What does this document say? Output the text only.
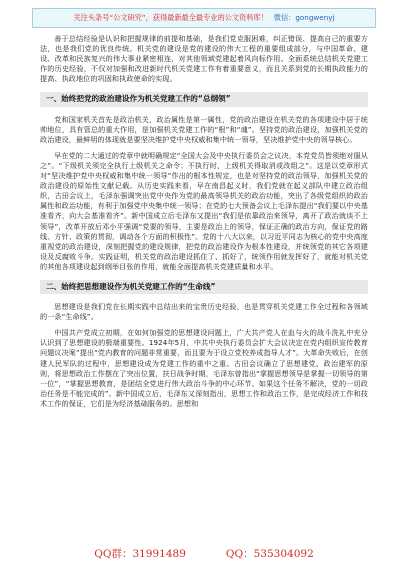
关注头条号“公文研究”，获得最新最全最专业的公文资料库！ 微信：gongwenyj

善于总结经验是认识和把握规律的前提和基础，是我们党克服困难，纠正错误、提高自己的重要方法，也是我们党的优良传统。机关党的建设是党的建设的伟大工程的重要组成部分，与中国革命、建设、改革和民族复兴的伟大事业紧密相连，对其他领域党建起着风向标作用。全面系统总结机关党建工作的历史经验，不仅对加强和改进新时代机关党建工作有着重要意义，而且关系到党的长期执政能力的提高、执政地位的巩固和执政使命的实现。

一、始终把党的政治建设作为机关党建工作的“总纲领”

党和国家机关首先是政治机关，政治属性是第一属性，党的政治建设在机关党的各项建设中居于统帅地位，具有管总的重大作用，是加强机关党建工作的“根”和“魂”。坚持党的政治建设，加强机关党的政治建设，最鲜明的体现就是要坚决维护党中央权威和集中统一领导，坚决维护党中央的领导核心。

早在党的二大通过的党章中就明确规定“全国大会及中央执行委员会之议决，本党党员皆须绝对服从之”。“下级机关须完全执行上级机关之命令；不执行时，上级机关得取消或改组之”。这是以党章形式对“坚决维护党中央权威和集中统一领导”作出的根本性规定，也是对坚持党的政治领导，加强机关党的政治建设的原始性文献记载。从历史实践来看，早在南昌起义时，我们党就在起义部队中建立政治组织，古田会议上，毛泽东强调突出党中央作为党的最高领导机关的政治功能，突出了各级党组织的政治属性和政治功能，有利于加强党中央集中统一领导；在党的七大预备会议上毛泽东提出“我们要以中央基准看齐，向大会基准看齐”。新中国成立后毛泽东又提出“我们是依靠政治来领导，离开了政治就谈不上领导”，改革开放后邓小平强调“党要的领导，主要是政治上的领导，保证正确的政治方向，保证党的路线、方针、政策的贯彻，调动各个方面的积极性”。党的十八大以来，以习近平同志为核心的党中央高度重视党的政治建设，深刻把握党的建设规律，把党的政治建设作为根本性建设，并统领党的其它各项建设及反腐败斗争。实践证明，机关党的政治建设抓住了、抓好了，统领作用就发挥好了，就能对机关党的其他各项建设起到纲举目张的作用，就能全面提高机关党建质量和水平。

二、始终把思想建设作为机关党建工作的“生命线”

思想建设是我们党在长期实践中总结出来的宝贵历史经验，也是贯穿机关党建工作全过程和各领域的一条“生命线”。

中国共产党成立初期，在如何加强党的思想建设问题上，广大共产党人在血与火的战斗洗礼中充分认识到了思想建设的极端重要性。1924年5月，中共中央执行委员会扩大会议决定在党内组织宣传教育问题议决案”提出“党内教育的问题非常重要，而且要为于设立党校养成指导人才”。大革命失败后，在创建人民军队的过程中，思想建设成为党建工作的重中之重。古田会议确立了思想建党、政治建军的原则，将思想政治工作摆在了突出位置，扶日战争时期，毛泽东曾指出“掌握思想领导是掌握一切领导的第一位”，“掌握思想教育，是团结全党进行伟大政治斗争的中心环节。如果这个任务不解决，党的一切政治任务是不能完成的”。新中国成立后，毛泽东又深刻指出，思想工作和政治工作，是完成经济工作和技术工作的保证，它们是为经济基础服务的。思想和

QQ群：31991489	QQ：535304092
